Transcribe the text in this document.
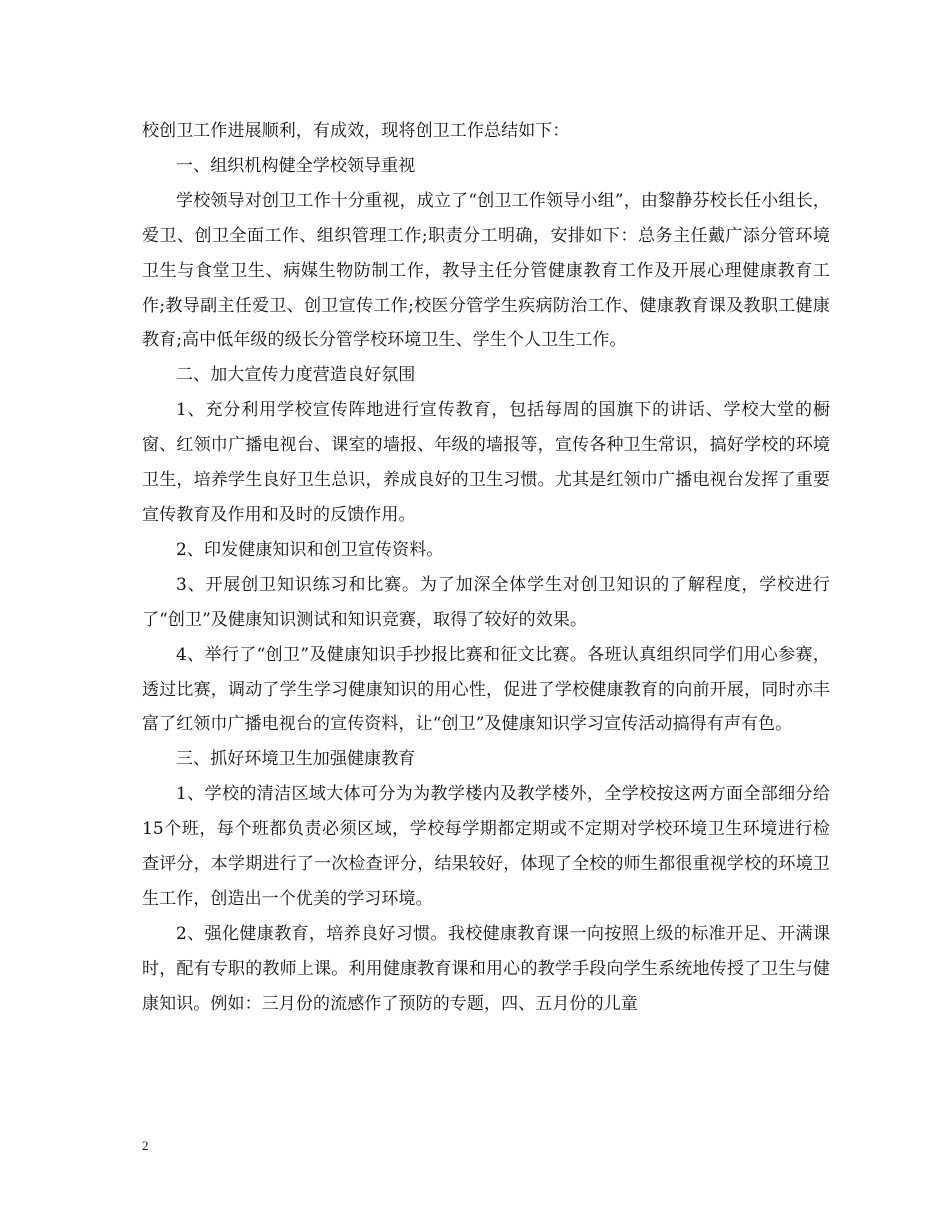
校创卫工作进展顺利，有成效，现将创卫工作总结如下：

一、组织机构健全学校领导重视

学校领导对创卫工作十分重视，成立了“创卫工作领导小组”，由黎静芬校长任小组长，爱卫、创卫全面工作、组织管理工作;职责分工明确，安排如下：总务主任戴广添分管环境卫生与食堂卫生、病媒生物防制工作，教导主任分管健康教育工作及开展心理健康教育工作;教导副主任爱卫、创卫宣传工作;校医分管学生疾病防治工作、健康教育课及教职工健康教育;高中低年级的级长分管学校环境卫生、学生个人卫生工作。

二、加大宣传力度营造良好氛围

1、充分利用学校宣传阵地进行宣传教育，包括每周的国旗下的讲话、学校大堂的橱窗、红领巾广播电视台、课室的墙报、年级的墙报等，宣传各种卫生常识，搞好学校的环境卫生，培养学生良好卫生总识，养成良好的卫生习惯。尤其是红领巾广播电视台发挥了重要宣传教育及作用和及时的反馈作用。

2、印发健康知识和创卫宣传资料。

3、开展创卫知识练习和比赛。为了加深全体学生对创卫知识的了解程度，学校进行了“创卫”及健康知识测试和知识竞赛，取得了较好的效果。

4、举行了“创卫”及健康知识手抄报比赛和征文比赛。各班认真组织同学们用心参赛，透过比赛，调动了学生学习健康知识的用心性，促进了学校健康教育的向前开展，同时亦丰富了红领巾广播电视台的宣传资料，让“创卫”及健康知识学习宣传活动搞得有声有色。

三、抓好环境卫生加强健康教育

1、学校的清洁区域大体可分为为教学楼内及教学楼外，全学校按这两方面全部细分给15个班，每个班都负责必须区域，学校每学期都定期或不定期对学校环境卫生环境进行检查评分，本学期进行了一次检查评分，结果较好，体现了全校的师生都很重视学校的环境卫生工作，创造出一个优美的学习环境。

2、强化健康教育，培养良好习惯。我校健康教育课一向按照上级的标准开足、开满课时，配有专职的教师上课。利用健康教育课和用心的教学手段向学生系统地传授了卫生与健康知识。例如：三月份的流感作了预防的专题，四、五月份的儿童

2
